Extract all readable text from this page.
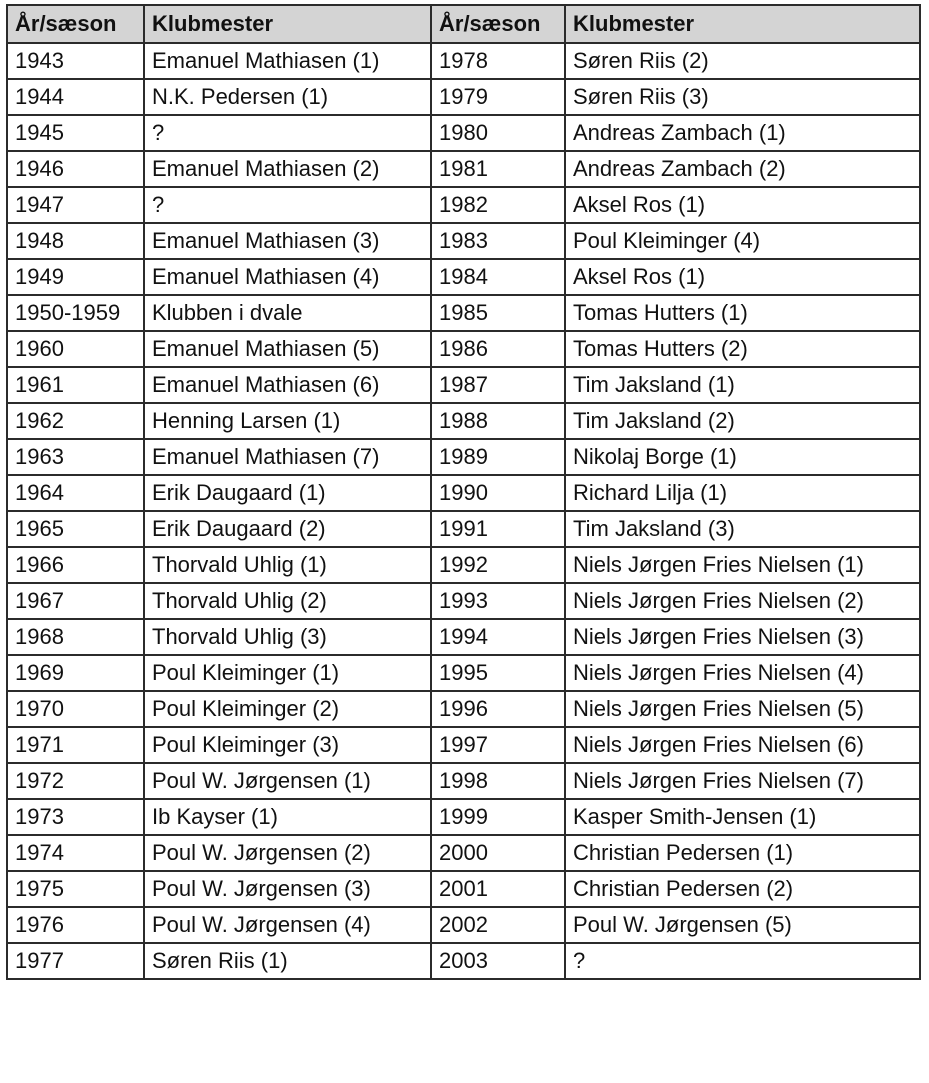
År/sæson	Klubmester	År/sæson	Klubmester
1943	Emanuel Mathiasen (1)	1978	Søren Riis (2)
1944	N.K. Pedersen (1)	1979	Søren Riis (3)
1945	?	1980	Andreas Zambach (1)
1946	Emanuel Mathiasen (2)	1981	Andreas Zambach (2)
1947	?	1982	Aksel Ros (1)
1948	Emanuel Mathiasen (3)	1983	Poul Kleiminger (4)
1949	Emanuel Mathiasen (4)	1984	Aksel Ros (1)
1950-1959	Klubben i dvale	1985	Tomas Hutters (1)
1960	Emanuel Mathiasen (5)	1986	Tomas Hutters (2)
1961	Emanuel Mathiasen (6)	1987	Tim Jaksland (1)
1962	Henning Larsen (1)	1988	Tim Jaksland (2)
1963	Emanuel Mathiasen (7)	1989	Nikolaj Borge (1)
1964	Erik Daugaard (1)	1990	Richard Lilja (1)
1965	Erik Daugaard (2)	1991	Tim Jaksland (3)
1966	Thorvald Uhlig (1)	1992	Niels Jørgen Fries Nielsen (1)
1967	Thorvald Uhlig (2)	1993	Niels Jørgen Fries Nielsen (2)
1968	Thorvald Uhlig (3)	1994	Niels Jørgen Fries Nielsen (3)
1969	Poul Kleiminger (1)	1995	Niels Jørgen Fries Nielsen (4)
1970	Poul Kleiminger (2)	1996	Niels Jørgen Fries Nielsen (5)
1971	Poul Kleiminger (3)	1997	Niels Jørgen Fries Nielsen (6)
1972	Poul W. Jørgensen (1)	1998	Niels Jørgen Fries Nielsen (7)
1973	Ib Kayser (1)	1999	Kasper Smith-Jensen (1)
1974	Poul W. Jørgensen (2)	2000	Christian Pedersen (1)
1975	Poul W. Jørgensen (3)	2001	Christian Pedersen (2)
1976	Poul W. Jørgensen (4)	2002	Poul W. Jørgensen (5)
1977	Søren Riis (1)	2003	?
